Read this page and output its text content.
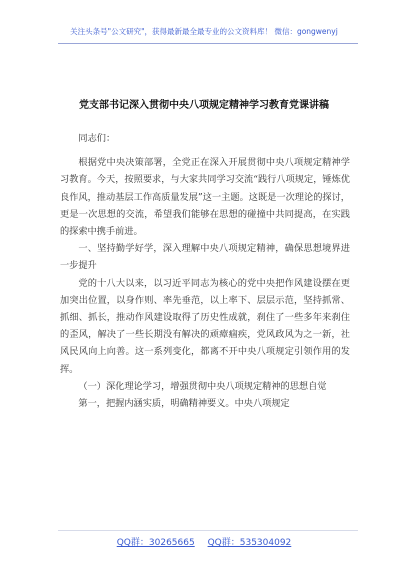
关注头条号"公文研究"，获得最新最全最专业的公文资料库！ 微信：gongwenyj
党支部书记深入贯彻中央八项规定精神学习教育党课讲稿

同志们：

根据党中央决策部署，全党正在深入开展贯彻中央八项规定精神学习教育。今天，按照要求，与大家共同学习交流“践行八项规定，锤炼优良作风，推动基层工作高质量发展”这一主题。这既是一次理论的探讨，更是一次思想的交流，希望我们能够在思想的碰撞中共同提高，在实践的探索中携手前进。

一、坚持勤学好学，深入理解中央八项规定精神，确保思想境界进一步提升

党的十八大以来，以习近平同志为核心的党中央把作风建设摆在更加突出位置，以身作则、率先垂范，以上率下、层层示范，坚持抓常、抓细、抓长，推动作风建设取得了历史性成就，刹住了一些多年来刹住的歪风，解决了一些长期没有解决的顽瘴痼疾，党风政风为之一新，社风民风向上向善。这一系列变化，都离不开中央八项规定引领作用的发挥。

（一）深化理论学习，增强贯彻中央八项规定精神的思想自觉

第一，把握内涵实质，明确精神要义。中央八项规定

QQ群：30265665 QQ群：535304092
